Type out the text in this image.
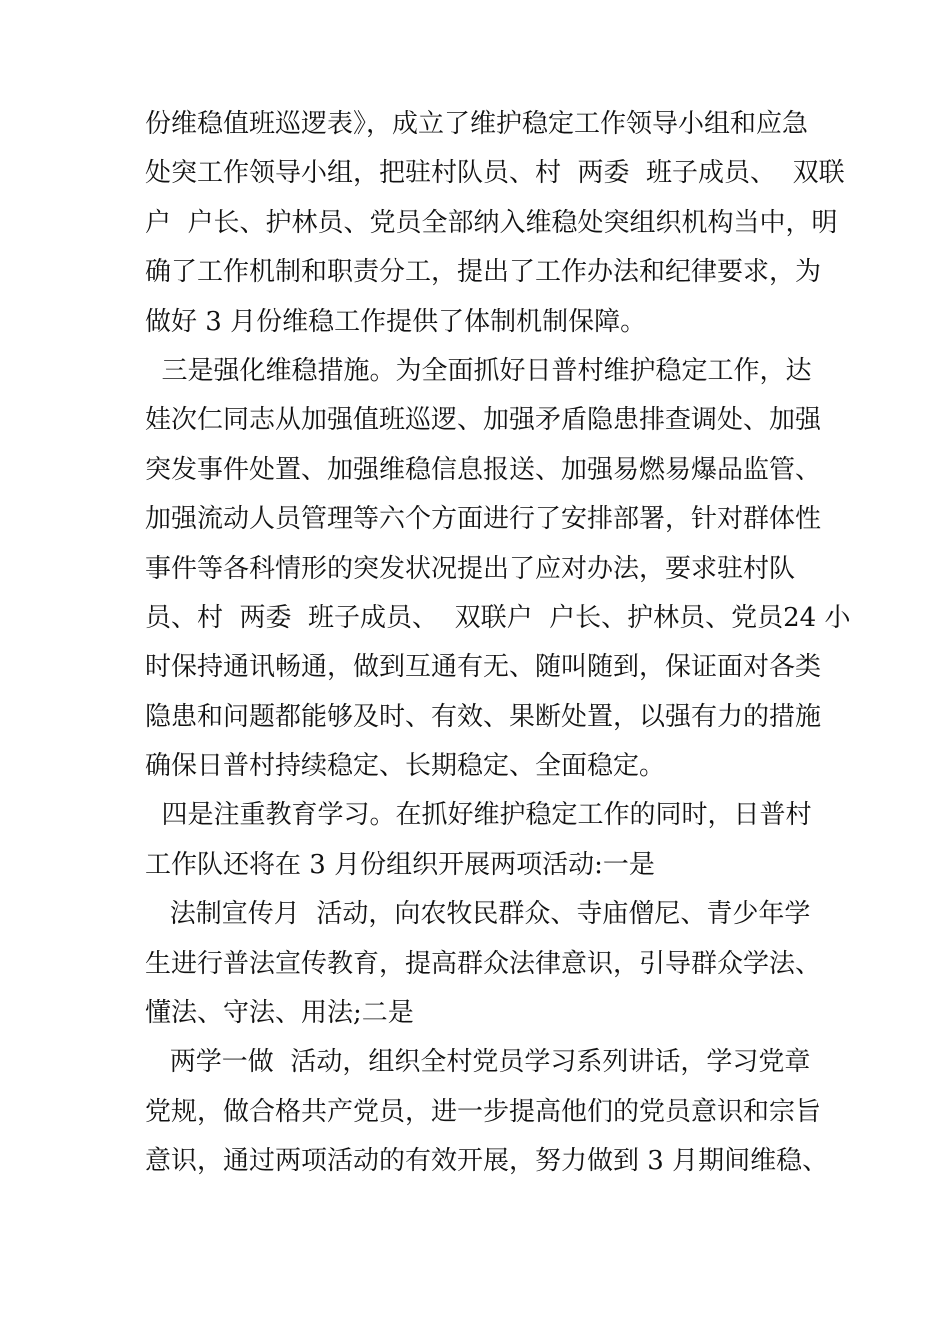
份维稳值班巡逻表》，成立了维护稳定工作领导小组和应急
处突工作领导小组，把驻村队员、村  两委  班子成员、  双联
户  户长、护林员、党员全部纳入维稳处突组织机构当中，明
确了工作机制和职责分工，提出了工作办法和纪律要求，为
做好 3 月份维稳工作提供了体制机制保障。
三是强化维稳措施。为全面抓好日普村维护稳定工作，达
娃次仁同志从加强值班巡逻、加强矛盾隐患排查调处、加强
突发事件处置、加强维稳信息报送、加强易燃易爆品监管、
加强流动人员管理等六个方面进行了安排部署，针对群体性
事件等各科情形的突发状况提出了应对办法，要求驻村队
员、村  两委  班子成员、  双联户  户长、护林员、党员24 小
时保持通讯畅通，做到互通有无、随叫随到，保证面对各类
隐患和问题都能够及时、有效、果断处置，以强有力的措施
确保日普村持续稳定、长期稳定、全面稳定。
四是注重教育学习。在抓好维护稳定工作的同时，日普村
工作队还将在 3 月份组织开展两项活动:一是
法制宣传月  活动，向农牧民群众、寺庙僧尼、青少年学
生进行普法宣传教育，提高群众法律意识，引导群众学法、
懂法、守法、用法;二是
两学一做  活动，组织全村党员学习系列讲话，学习党章
党规，做合格共产党员，进一步提高他们的党员意识和宗旨
意识，通过两项活动的有效开展，努力做到 3 月期间维稳、
